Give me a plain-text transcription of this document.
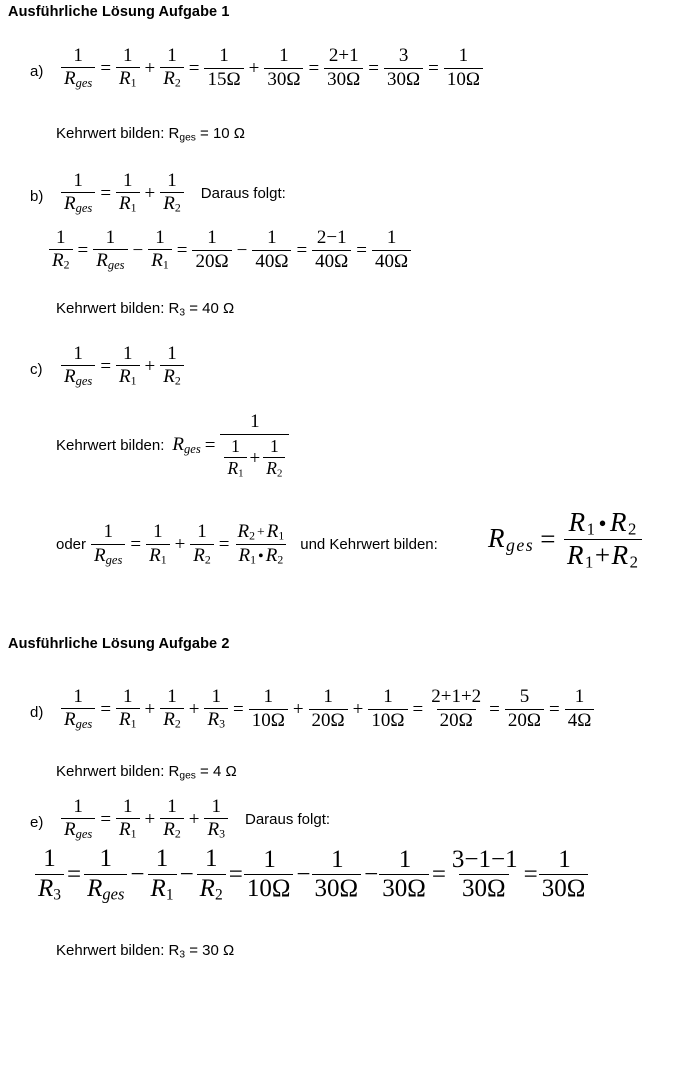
Ausführliche Lösung Aufgabe 1
$a) \frac{1}{R_{ges}} = \frac{1}{R_1} + \frac{1}{R_2} = \frac{1}{15\Omega} + \frac{1}{30\Omega} = \frac{2+1}{30\Omega} = \frac{3}{30\Omega} = \frac{1}{10\Omega}$
Kehrwert bilden: $R_{ges} = 10$ Ω
$b) \frac{1}{R_{ges}} = \frac{1}{R_1} + \frac{1}{R_2}$	Daraus folgt:
$\frac{1}{R_2} = \frac{1}{R_{ges}} - \frac{1}{R_1} = \frac{1}{20\Omega} - \frac{1}{40\Omega} = \frac{2-1}{40\Omega} = \frac{1}{40\Omega}$
Kehrwert bilden: $R_3 = 40$ Ω
$c) \frac{1}{R_{ges}} = \frac{1}{R_1} + \frac{1}{R_2}$
Kehrwert bilden: $R_{ges} = \frac{1}{\frac{1}{R_1} + \frac{1}{R_2}}$
oder $\frac{1}{R_{ges}} = \frac{1}{R_1} + \frac{1}{R_2} = \frac{R_2 + R_1}{R_1 • R_2}$ und Kehrwert bilden: $R_{ges} = \frac{R_1•R_2}{R_1+R_2}$
Ausführliche Lösung Aufgabe 2
$d) \frac{1}{R_{ges}} = \frac{1}{R_1} + \frac{1}{R_2} + \frac{1}{R_3} = \frac{1}{10\Omega} + \frac{1}{20\Omega} + \frac{1}{10\Omega} = \frac{2+1+2}{20\Omega} = \frac{5}{20\Omega} = \frac{1}{4\Omega}$
Kehrwert bilden: $R_{ges} = 4$ Ω
$e) \frac{1}{R_{ges}} = \frac{1}{R_1} + \frac{1}{R_2} + \frac{1}{R_3}$	Daraus folgt:
$\frac{1}{R_3} = \frac{1}{R_{ges}} - \frac{1}{R_1} - \frac{1}{R_2} = \frac{1}{10\Omega} - \frac{1}{30\Omega} - \frac{1}{30\Omega} = \frac{3-1-1}{30\Omega} = \frac{1}{30\Omega}$
Kehrwert bilden: $R_3 = 30$ Ω
